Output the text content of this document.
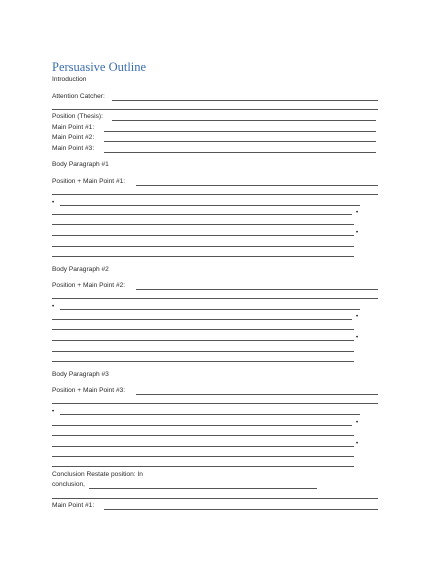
Persuasive Outline
Introduction
Attention Catcher:
Position (Thesis):
Main Point #1:
Main Point #2:
Main Point #3:
Body Paragraph #1
Position + Main Point #1:
•
•
•
Body Paragraph #2
Position + Main Point #2:
•
•
•
Body Paragraph #3
Position + Main Point #3:
•
•
•
Conclusion Restate position: In
conclusion,
Main Point #1:
